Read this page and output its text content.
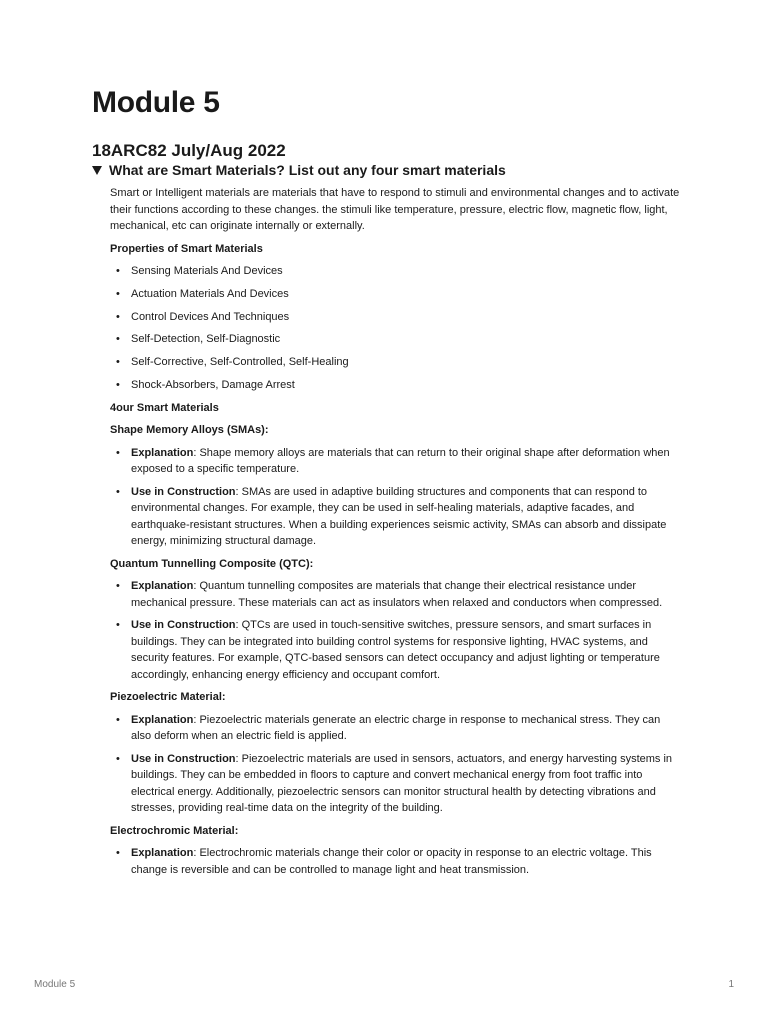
Module 5
18ARC82 July/Aug 2022
What are Smart Materials? List out any four smart materials

Smart or Intelligent materials are materials that have to respond to stimuli and environmental changes and to activate their functions according to these changes. the stimuli like temperature, pressure, electric flow, magnetic flow, light, mechanical, etc can originate internally or externally.

Properties of Smart Materials

• Sensing Materials And Devices
• Actuation Materials And Devices
• Control Devices And Techniques
• Self-Detection, Self-Diagnostic
• Self-Corrective, Self-Controlled, Self-Healing
• Shock-Absorbers, Damage Arrest

4our Smart Materials

Shape Memory Alloys (SMAs):

• Explanation: Shape memory alloys are materials that can return to their original shape after deformation when exposed to a specific temperature.
• Use in Construction: SMAs are used in adaptive building structures and components that can respond to environmental changes. For example, they can be used in self-healing materials, adaptive facades, and earthquake-resistant structures. When a building experiences seismic activity, SMAs can absorb and dissipate energy, minimizing structural damage.

Quantum Tunnelling Composite (QTC):

• Explanation: Quantum tunnelling composites are materials that change their electrical resistance under mechanical pressure. These materials can act as insulators when relaxed and conductors when compressed.
• Use in Construction: QTCs are used in touch-sensitive switches, pressure sensors, and smart surfaces in buildings. They can be integrated into building control systems for responsive lighting, HVAC systems, and security features. For example, QTC-based sensors can detect occupancy and adjust lighting or temperature accordingly, enhancing energy efficiency and occupant comfort.

Piezoelectric Material:

• Explanation: Piezoelectric materials generate an electric charge in response to mechanical stress. They can also deform when an electric field is applied.
• Use in Construction: Piezoelectric materials are used in sensors, actuators, and energy harvesting systems in buildings. They can be embedded in floors to capture and convert mechanical energy from foot traffic into electrical energy. Additionally, piezoelectric sensors can monitor structural health by detecting vibrations and stresses, providing real-time data on the integrity of the building.

Electrochromic Material:

• Explanation: Electrochromic materials change their color or opacity in response to an electric voltage. This change is reversible and can be controlled to manage light and heat transmission.
Module 5	1
